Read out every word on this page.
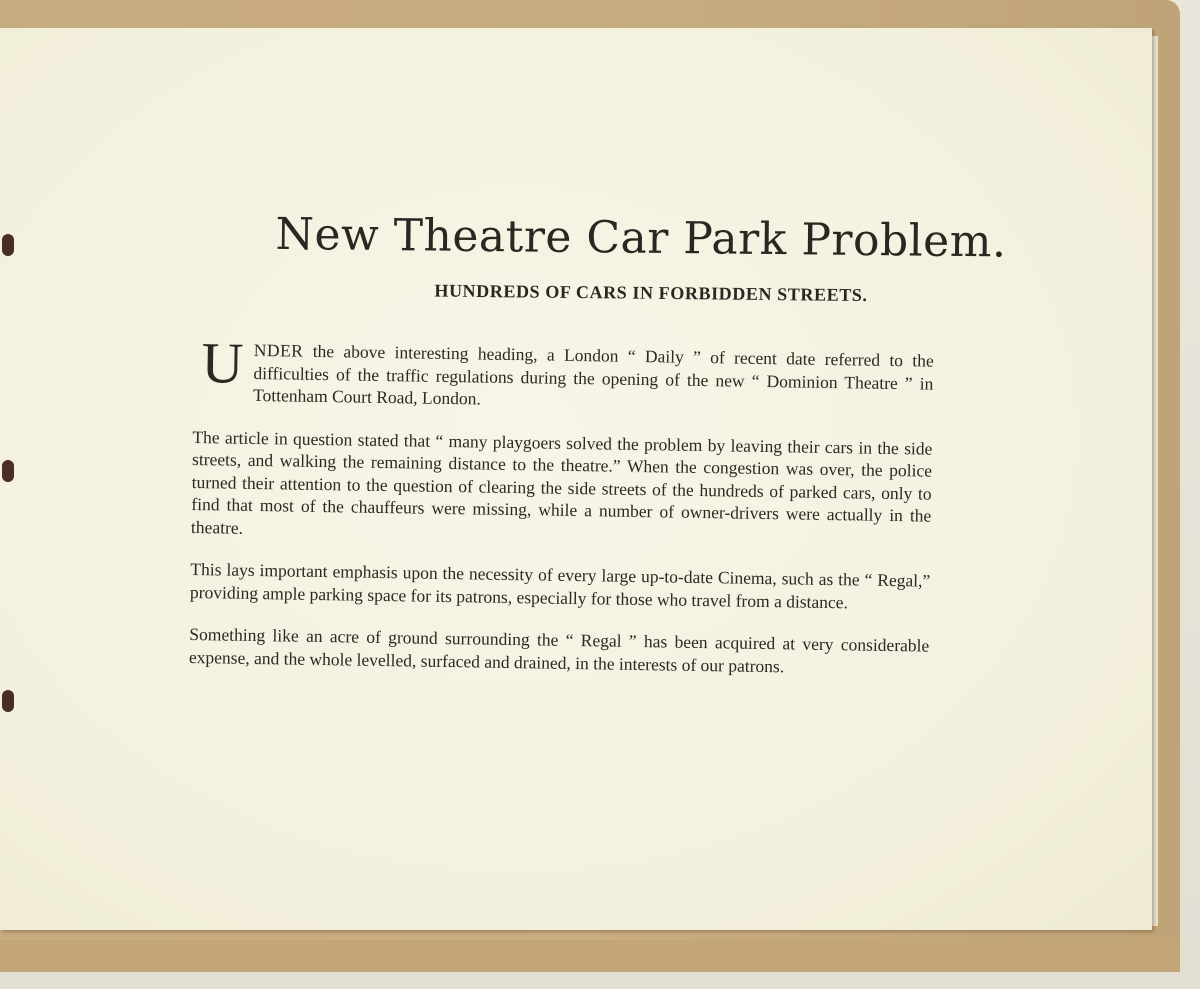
New Theatre Car Park Problem.
HUNDREDS OF CARS IN FORBIDDEN STREETS.

U NDER the above interesting heading, a London “ Daily ” of recent date referred to the difficulties of the traffic regulations during the opening of the new “ Dominion Theatre ” in Tottenham Court Road, London.

The article in question stated that “ many playgoers solved the problem by leaving their cars in the side streets, and walking the remaining distance to the theatre.” When the congestion was over, the police turned their attention to the question of clearing the side streets of the hundreds of parked cars, only to find that most of the chauffeurs were missing, while a number of owner-drivers were actually in the theatre.

This lays important emphasis upon the necessity of every large up-to-date Cinema, such as the “ Regal,” providing ample parking space for its patrons, especially for those who travel from a distance.

Something like an acre of ground surrounding the “ Regal ” has been acquired at very considerable expense, and the whole levelled, surfaced and drained, in the interests of our patrons.
